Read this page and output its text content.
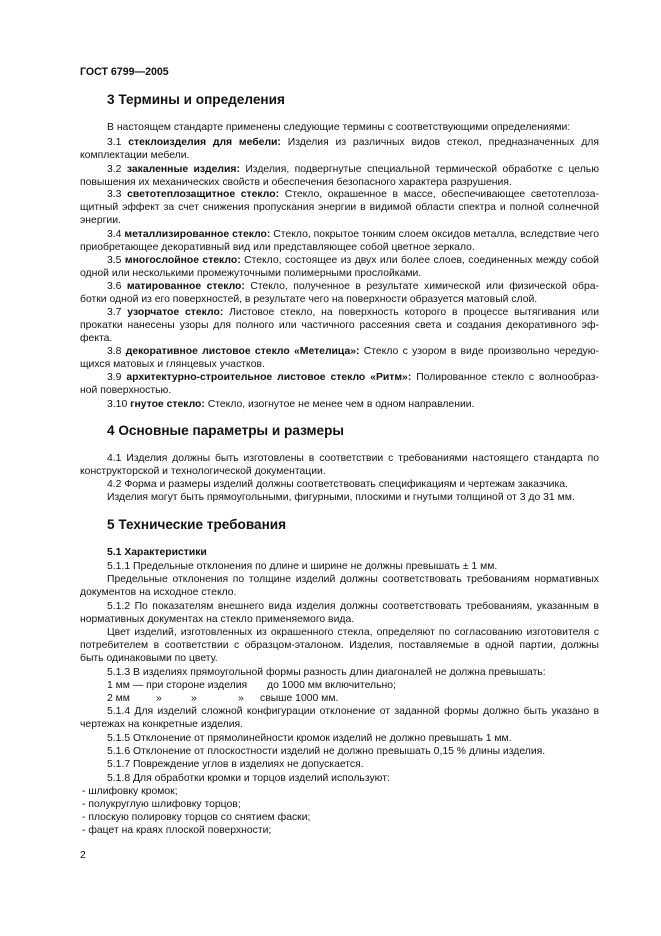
ГОСТ 6799—2005
3 Термины и определения
В настоящем стандарте применены следующие термины с соответствующими определениями:
3.1 стеклоизделия для мебели: Изделия из различных видов стекол, предназначенных для комплектации мебели.
3.2 закаленные изделия: Изделия, подвергнутые специальной термической обработке с целью повышения их механических свойств и обеспечения безопасного характера разрушения.
3.3 светотеплозащитное стекло: Стекло, окрашенное в массе, обеспечивающее светотеплоза-щитный эффект за счет снижения пропускания энергии в видимой области спектра и полной солнечной энергии.
3.4 металлизированное стекло: Стекло, покрытое тонким слоем оксидов металла, вследствие чего приобретающее декоративный вид или представляющее собой цветное зеркало.
3.5 многослойное стекло: Стекло, состоящее из двух или более слоев, соединенных между собой одной или несколькими промежуточными полимерными прослойками.
3.6 матированное стекло: Стекло, полученное в результате химической или физической обра-ботки одной из его поверхностей, в результате чего на поверхности образуется матовый слой.
3.7 узорчатое стекло: Листовое стекло, на поверхность которого в процессе вытягивания или прокатки нанесены узоры для полного или частичного рассеяния света и создания декоративного эф-фекта.
3.8 декоративное листовое стекло «Метелица»: Стекло с узором в виде произвольно чередую-щихся матовых и глянцевых участков.
3.9 архитектурно-строительное листовое стекло «Ритм»: Полированное стекло с волнообраз-ной поверхностью.
3.10 гнутое стекло: Стекло, изогнутое не менее чем в одном направлении.
4 Основные параметры и размеры
4.1 Изделия должны быть изготовлены в соответствии с требованиями настоящего стандарта по конструкторской и технологической документации.
4.2 Форма и размеры изделий должны соответствовать спецификациям и чертежам заказчика.
Изделия могут быть прямоугольными, фигурными, плоскими и гнутыми толщиной от 3 до 31 мм.
5 Технические требования
5.1 Характеристики
5.1.1 Предельные отклонения по длине и ширине не должны превышать ± 1 мм.
Предельные отклонения по толщине изделий должны соответствовать требованиям нормативных документов на исходное стекло.
5.1.2 По показателям внешнего вида изделия должны соответствовать требованиям, указанным в нормативных документах на стекло применяемого вида.
Цвет изделий, изготовленных из окрашенного стекла, определяют по согласованию изготовителя с потребителем в соответствии с образцом-эталоном. Изделия, поставляемые в одной партии, должны быть одинаковыми по цвету.
5.1.3 В изделиях прямоугольной формы разность длин диагоналей не должна превышать:
1 мм — при стороне изделия до 1000 мм включительно;
2 мм	»	»	» свыше 1000 мм.
5.1.4 Для изделий сложной конфигурации отклонение от заданной формы должно быть указано в чертежах на конкретные изделия.
5.1.5 Отклонение от прямолинейности кромок изделий не должно превышать 1 мм.
5.1.6 Отклонение от плоскостности изделий не должно превышать 0,15 % длины изделия.
5.1.7 Повреждение углов в изделиях не допускается.
5.1.8 Для обработки кромки и торцов изделий используют:
- шлифовку кромок;
- полукруглую шлифовку торцов;
- плоскую полировку торцов со снятием фаски;
- фацет на краях плоской поверхности;
2
